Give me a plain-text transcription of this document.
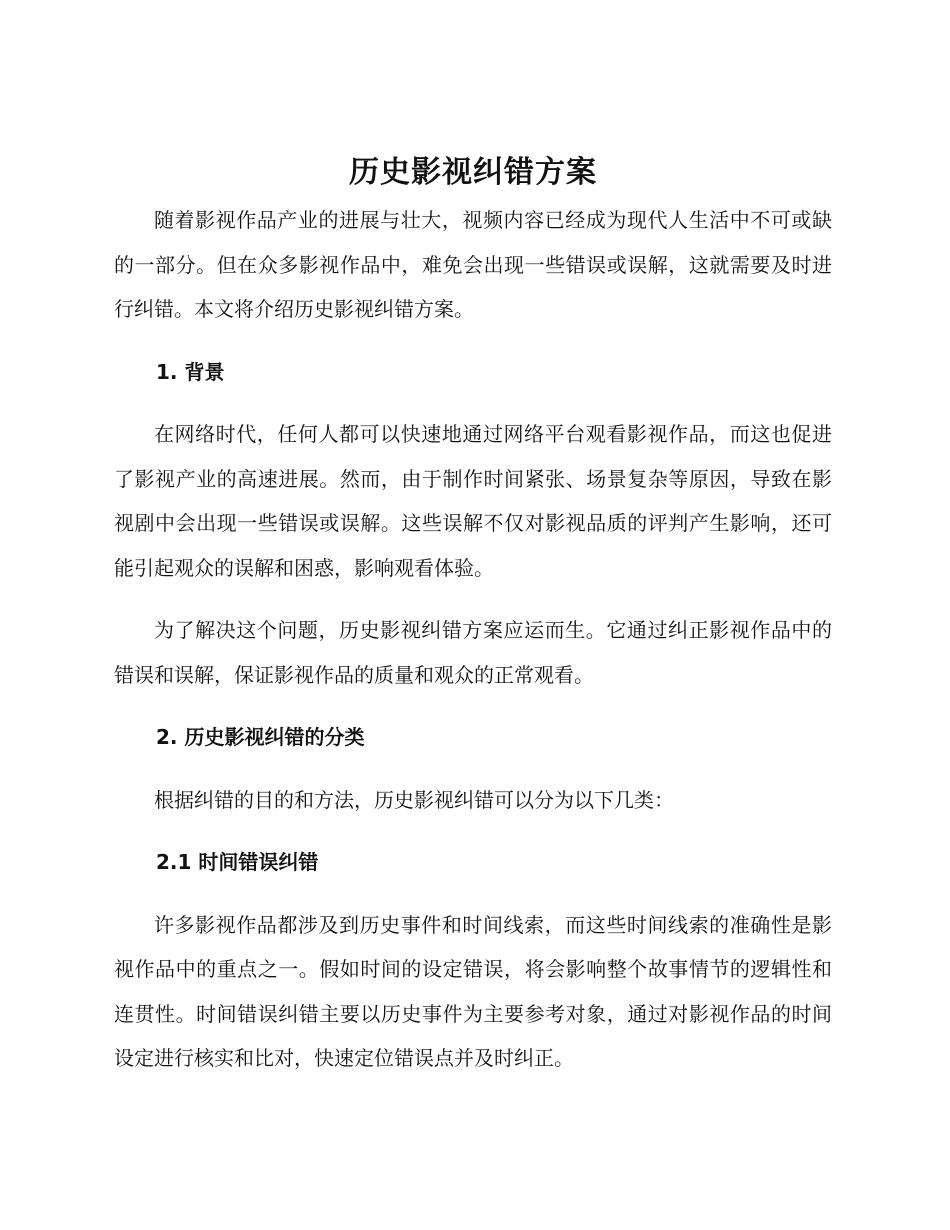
历史影视纠错方案

随着影视作品产业的进展与壮大，视频内容已经成为现代人生活中不可或缺的一部分。但在众多影视作品中，难免会出现一些错误或误解，这就需要及时进行纠错。本文将介绍历史影视纠错方案。

1. 背景

在网络时代，任何人都可以快速地通过网络平台观看影视作品，而这也促进了影视产业的高速进展。然而，由于制作时间紧张、场景复杂等原因，导致在影视剧中会出现一些错误或误解。这些误解不仅对影视品质的评判产生影响，还可能引起观众的误解和困惑，影响观看体验。

为了解决这个问题，历史影视纠错方案应运而生。它通过纠正影视作品中的错误和误解，保证影视作品的质量和观众的正常观看。

2. 历史影视纠错的分类

根据纠错的目的和方法，历史影视纠错可以分为以下几类：

2.1 时间错误纠错

许多影视作品都涉及到历史事件和时间线索，而这些时间线索的准确性是影视作品中的重点之一。假如时间的设定错误，将会影响整个故事情节的逻辑性和连贯性。时间错误纠错主要以历史事件为主要参考对象，通过对影视作品的时间设定进行核实和比对，快速定位错误点并及时纠正。
